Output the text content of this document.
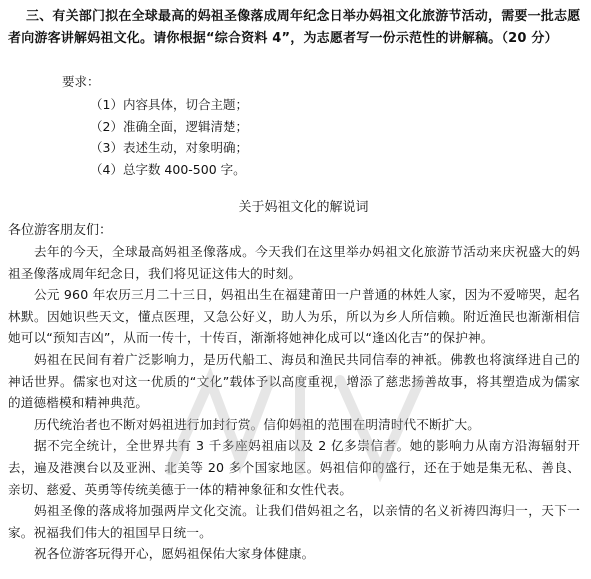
三、有关部门拟在全球最高的妈祖圣像落成周年纪念日举办妈祖文化旅游节活动，需要一批志愿者向游客讲解妈祖文化。请你根据“综合资料 4”，为志愿者写一份示范性的讲解稿。（20 分）

要求：

（1）内容具体，切合主题；
（2）准确全面，逻辑清楚；
（3）表述生动，对象明确；
（4）总字数 400-500 字。

关于妈祖文化的解说词

各位游客朋友们：

去年的今天，全球最高妈祖圣像落成。今天我们在这里举办妈祖文化旅游节活动来庆祝盛大的妈祖圣像落成周年纪念日，我们将见证这伟大的时刻。

公元 960 年农历三月二十三日，妈祖出生在福建莆田一户普通的林姓人家，因为不爱啼哭，起名林默。因她识些天文，懂点医理，又急公好义，助人为乐，所以为乡人所信赖。附近渔民也渐渐相信她可以“预知吉凶”，从而一传十，十传百，渐渐将她神化成可以“逢凶化吉”的保护神。

妈祖在民间有着广泛影响力，是历代船工、海员和渔民共同信奉的神祇。佛教也将演绎进自己的神话世界。儒家也对这一优质的“文化”载体予以高度重视，增添了慈悲扬善故事，将其塑造成为儒家的道德楷模和精神典范。

历代统治者也不断对妈祖进行加封行赏。信仰妈祖的范围在明清时代不断扩大。

据不完全统计，全世界共有 3 千多座妈祖庙以及 2 亿多崇信者。她的影响力从南方沿海辐射开去，遍及港澳台以及亚洲、北美等 20 多个国家地区。妈祖信仰的盛行，还在于她是集无私、善良、亲切、慈爱、英勇等传统美德于一体的精神象征和女性代表。

妈祖圣像的落成将加强两岸文化交流。让我们借妈祖之名，以亲情的名义祈祷四海归一，天下一家。祝福我们伟大的祖国早日统一。

祝各位游客玩得开心，愿妈祖保佑大家身体健康。
